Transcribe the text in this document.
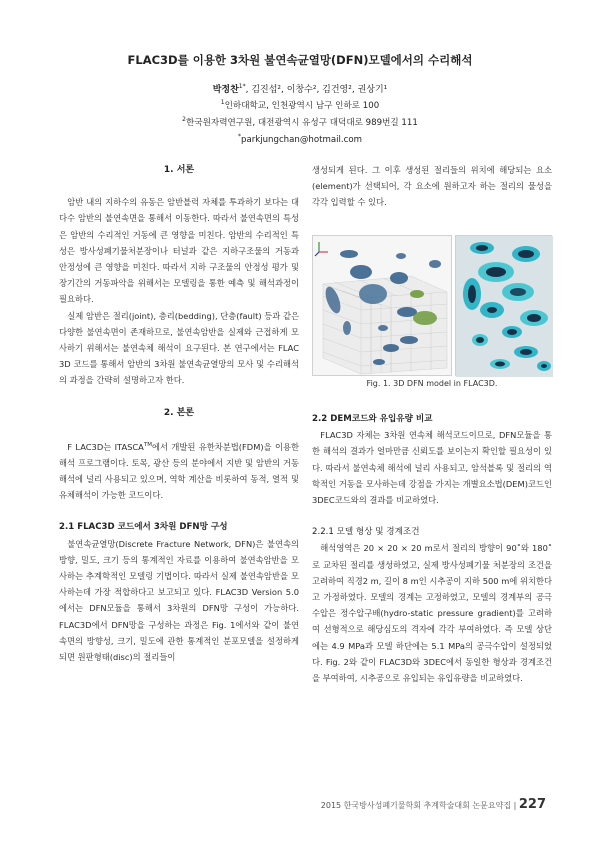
FLAC3D를 이용한 3차원 불연속균열망(DFN)모델에서의 수리해석
박정찬$^{1*}$, 김진섭², 이창수², 김건영², 권상기¹
$^1$인하대학교, 인천광역시 남구 인하로 100
$^2$한국원자력연구원, 대전광역시 유성구 대덕대로 989번길 111
*parkjungchan@hotmail.com
1. 서론
암반 내의 지하수의 유동은 암반블럭 자체를 투과하기 보다는 대다수 암반의 불연속면을 통해서 이동한다. 따라서 불연속면의 특성은 암반의 수리적인 거동에 큰 영향을 미친다. 암반의 수리적인 특성은 방사성폐기물처분장이나 터널과 같은 지하구조물의 거동과 안정성에 큰 영향을 미친다. 따라서 지하 구조물의 안정성 평가 및 장기간의 거동파악을 위해서는 모델링을 통한 예측 및 해석과정이 필요하다.
실제 암반은 절리(joint), 층리(bedding), 단층(fault) 등과 같은 다양한 불연속면이 존재하므로, 불연속암반을 실제와 근접하게 모사하기 위해서는 불연속체 해석이 요구된다. 본 연구에서는 FLAC 3D 코드를 통해서 암반의 3차원 불연속균열망의 모사 및 수리해석의 과정을 간략히 설명하고자 한다.
2. 본론
F LAC3D는 ITASCA™에서 개발된 유한차분법(FDM)을 이용한 해석 프로그램이다. 토목, 광산 등의 분야에서 지반 및 암반의 거동 해석에 널리 사용되고 있으며, 역학 계산을 비롯하여 동적, 열적 및 유체해석이 가능한 코드이다.
2.1 FLAC3D 코드에서 3차원 DFN망 구성
불연속균열망(Discrete Fracture Network, DFN)은 불연속의 방향, 밀도, 크기 등의 통계적인 자료를 이용하여 불연속암반을 모사하는 추계학적인 모델링 기법이다. 따라서 실제 불연속암반을 모사하는데 가장 적합하다고 보고되고 있다. FLAC3D Version 5.0에서는 DFN모듈을 통해서 3차원의 DFN망 구성이 가능하다. FLAC3D에서 DFN망을 구성하는 과정은 Fig. 1에서와 같이 불연속면의 방향성, 크기, 밀도에 관한 통계적인 분포모델을 설정하게 되면 원판형태(disc)의 절리들이
생성되게 된다. 그 이후 생성된 절리들의 위치에 해당되는 요소(element)가 선택되어, 각 요소에 원하고자 하는 절리의 물성을 각각 입력할 수 있다.
Fig. 1. 3D DFN model in FLAC3D.
2.2 DEM코드와 유입유량 비교
FLAC3D 자체는 3차원 연속체 해석코드이므로, DFN모듈을 통한 해석의 결과가 얼마만큼 신뢰도를 보이는지 확인할 필요성이 있다. 따라서 불연속체 해석에 널리 사용되고, 암석블록 및 절리의 역학적인 거동을 모사하는데 강점을 가지는 개별요소법(DEM)코드인 3DEC코드와의 결과를 비교하였다.
2.2.1 모델 형상 및 경계조건
해석영역은 20 × 20 × 20 m로서 절리의 방향이 90˚와 180˚로 교차된 절리를 생성하였고, 실제 방사성폐기물 처분장의 조건을 고려하여 직경2 m, 길이 8 m인 시추공이 지하 500 m에 위치한다고 가정하였다. 모델의 경계는 고정하였고, 모델의 경계부의 공극수압은 정수압구배(hydro-static pressure gradient)를 고려하여 선형적으로 해당심도의 격자에 각각 부여하였다. 즉 모델 상단에는 4.9 MPa과 모델 하단에는 5.1 MPa의 공극수압이 설정되었다. Fig. 2와 같이 FLAC3D와 3DEC에서 동일한 형상과 경계조건을 부여하여, 시추공으로 유입되는 유입유량을 비교하였다.
2015 한국방사성폐기물학회 추계학술대회 논문요약집 | 227
